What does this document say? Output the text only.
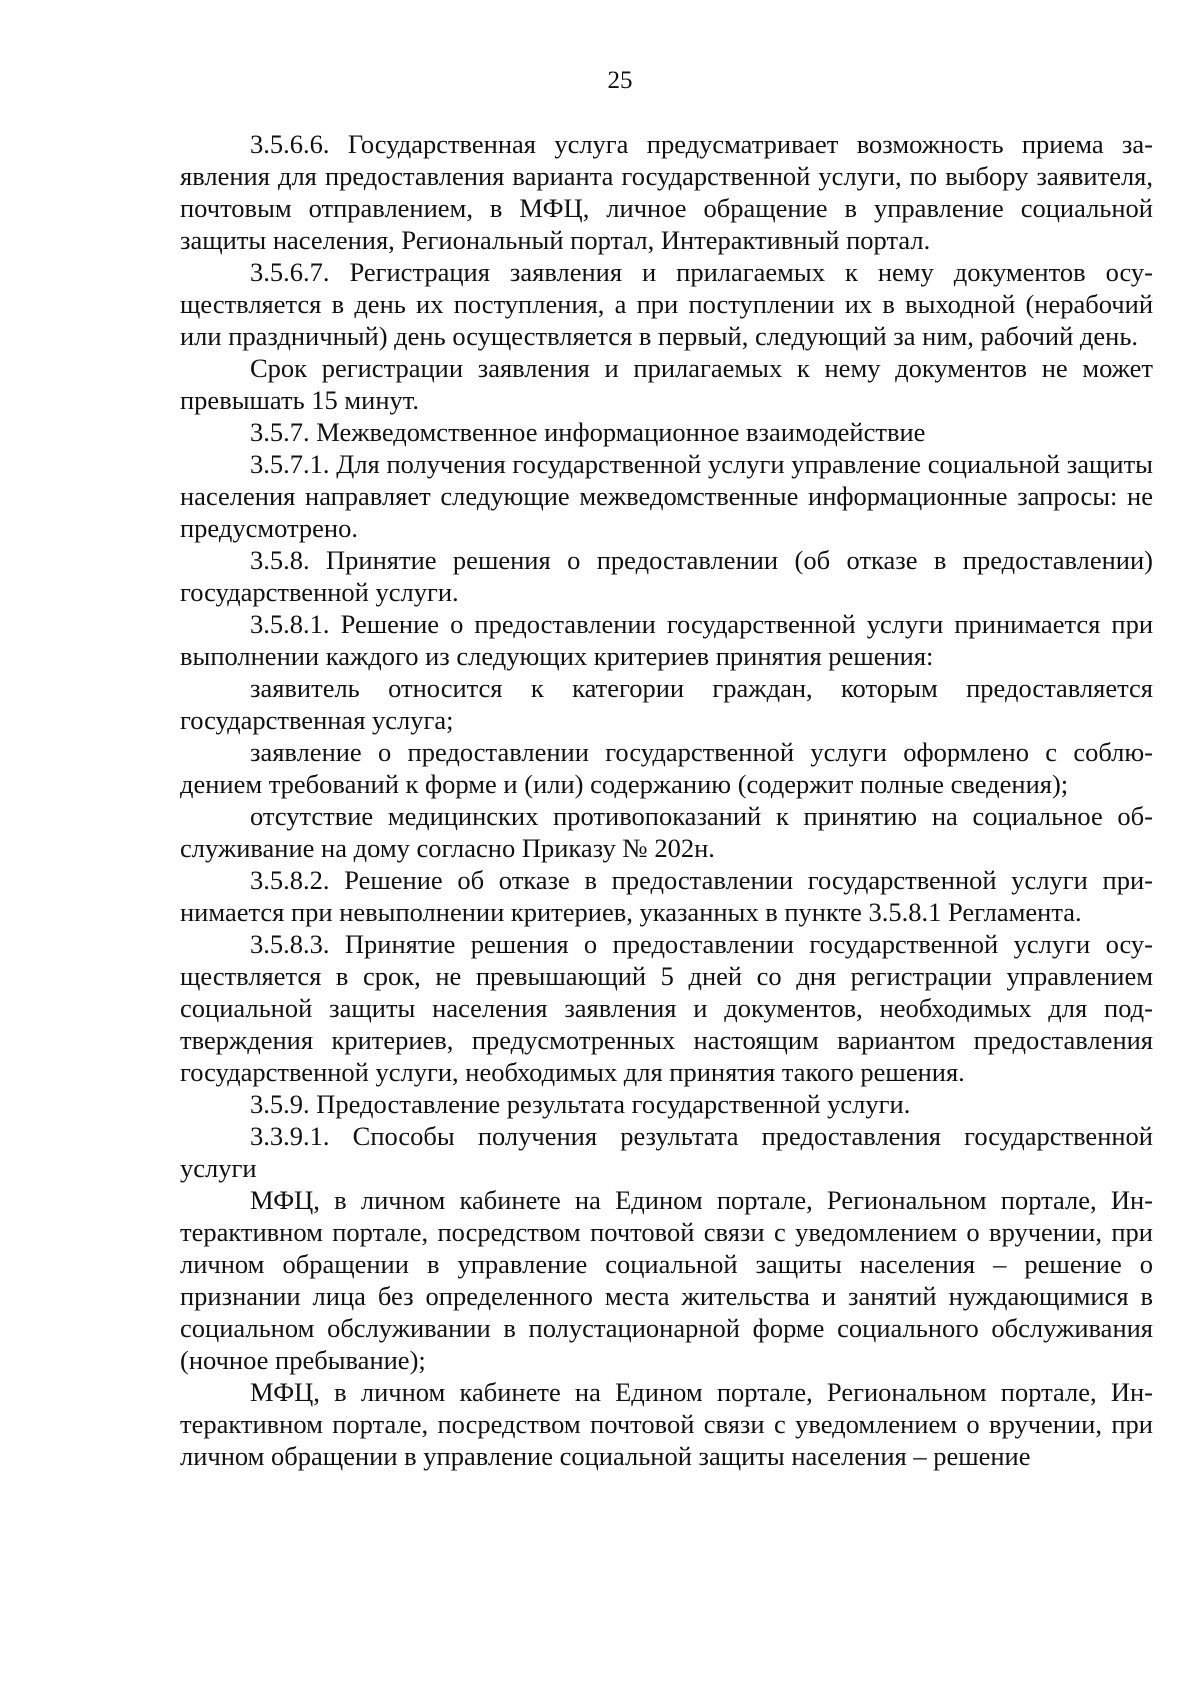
25

3.5.6.6. Государственная услуга предусматривает возможность приема заявления для предоставления варианта государственной услуги, по выбору заявителя, почтовым отправлением, в МФЦ, личное обращение в управление социальной защиты населения, Региональный портал, Интерактивный портал.

3.5.6.7. Регистрация заявления и прилагаемых к нему документов осуществляется в день их поступления, а при поступлении их в выходной (нерабочий или праздничный) день осуществляется в первый, следующий за ним, рабочий день.

Срок регистрации заявления и прилагаемых к нему документов не может превышать 15 минут.

3.5.7. Межведомственное информационное взаимодействие

3.5.7.1. Для получения государственной услуги управление социальной защиты населения направляет следующие межведомственные информационные запросы: не предусмотрено.

3.5.8. Принятие решения о предоставлении (об отказе в предоставлении) государственной услуги.

3.5.8.1. Решение о предоставлении государственной услуги принимается при выполнении каждого из следующих критериев принятия решения:

заявитель относится к категории граждан, которым предоставляется государственная услуга;

заявление о предоставлении государственной услуги оформлено с соблюдением требований к форме и (или) содержанию (содержит полные сведения);

отсутствие медицинских противопоказаний к принятию на социальное обслуживание на дому согласно Приказу № 202н.

3.5.8.2. Решение об отказе в предоставлении государственной услуги принимается при невыполнении критериев, указанных в пункте 3.5.8.1 Регламента.

3.5.8.3. Принятие решения о предоставлении государственной услуги осуществляется в срок, не превышающий 5 дней со дня регистрации управлением социальной защиты населения заявления и документов, необходимых для подтверждения критериев, предусмотренных настоящим вариантом предоставления государственной услуги, необходимых для принятия такого решения.

3.5.9. Предоставление результата государственной услуги.

3.3.9.1. Способы получения результата предоставления государственной услуги

МФЦ, в личном кабинете на Едином портале, Региональном портале, Интерактивном портале, посредством почтовой связи с уведомлением о вручении, при личном обращении в управление социальной защиты населения – решение о признании лица без определенного места жительства и занятий нуждающимися в социальном обслуживании в полустационарной форме социального обслуживания (ночное пребывание);

МФЦ, в личном кабинете на Едином портале, Региональном портале, Интерактивном портале, посредством почтовой связи с уведомлением о вручении, при личном обращении в управление социальной защиты населения – решение
